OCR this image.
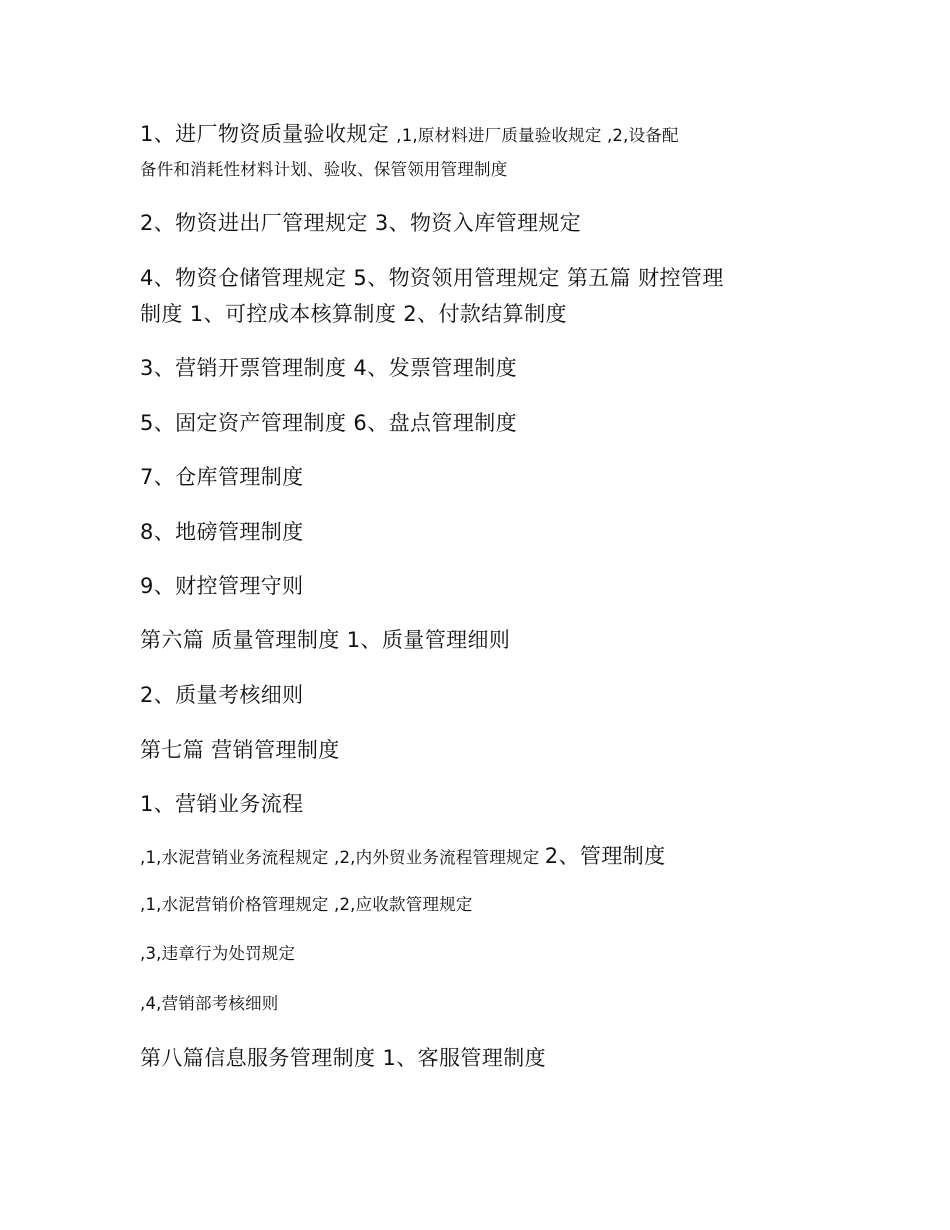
1、进厂物资质量验收规定 ,1,原材料进厂质量验收规定 ,2,设备配
备件和消耗性材料计划、验收、保管领用管理制度
2、物资进出厂管理规定 3、物资入库管理规定
4、物资仓储管理规定 5、物资领用管理规定 第五篇 财控管理
制度 1、可控成本核算制度 2、付款结算制度
3、营销开票管理制度 4、发票管理制度
5、固定资产管理制度 6、盘点管理制度
7、仓库管理制度
8、地磅管理制度
9、财控管理守则
第六篇 质量管理制度 1、质量管理细则
2、质量考核细则
第七篇 营销管理制度
1、营销业务流程
,1,水泥营销业务流程规定 ,2,内外贸业务流程管理规定 2、管理制度
,1,水泥营销价格管理规定 ,2,应收款管理规定
,3,违章行为处罚规定
,4,营销部考核细则
第八篇信息服务管理制度 1、客服管理制度
